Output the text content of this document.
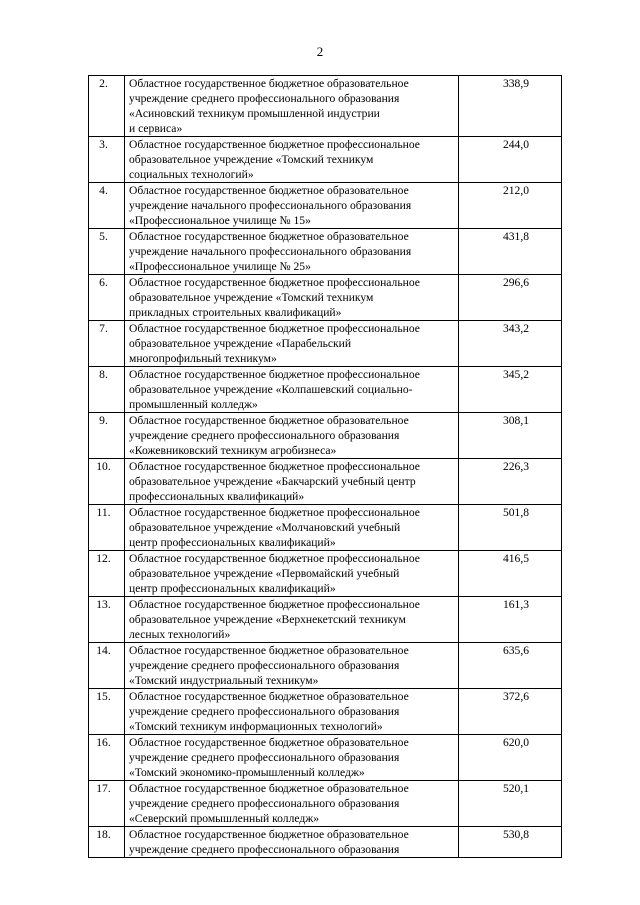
2
2.	Областное государственное бюджетное образовательное
учреждение среднего профессионального образования
«Асиновский техникум промышленной индустрии
и сервиса»	338,9
3.	Областное государственное бюджетное профессиональное
образовательное учреждение «Томский техникум
социальных технологий»	244,0
4.	Областное государственное бюджетное образовательное
учреждение начального профессионального образования
«Профессиональное училище № 15»	212,0
5.	Областное государственное бюджетное образовательное
учреждение начального профессионального образования
«Профессиональное училище № 25»	431,8
6.	Областное государственное бюджетное профессиональное
образовательное учреждение «Томский техникум
прикладных строительных квалификаций»	296,6
7.	Областное государственное бюджетное профессиональное
образовательное учреждение «Парабельский
многопрофильный техникум»	343,2
8.	Областное государственное бюджетное профессиональное
образовательное учреждение «Колпашевский социально-
промышленный колледж»	345,2
9.	Областное государственное бюджетное образовательное
учреждение среднего профессионального образования
«Кожевниковский техникум агробизнеса»	308,1
10.	Областное государственное бюджетное профессиональное
образовательное учреждение «Бакчарский учебный центр
профессиональных квалификаций»	226,3
11.	Областное государственное бюджетное профессиональное
образовательное учреждение «Молчановский учебный
центр профессиональных квалификаций»	501,8
12.	Областное государственное бюджетное профессиональное
образовательное учреждение «Первомайский учебный
центр профессиональных квалификаций»	416,5
13.	Областное государственное бюджетное профессиональное
образовательное учреждение «Верхнекетский техникум
лесных технологий»	161,3
14.	Областное государственное бюджетное образовательное
учреждение среднего профессионального образования
«Томский индустриальный техникум»	635,6
15.	Областное государственное бюджетное образовательное
учреждение среднего профессионального образования
«Томский техникум информационных технологий»	372,6
16.	Областное государственное бюджетное образовательное
учреждение среднего профессионального образования
«Томский экономико-промышленный колледж»	620,0
17.	Областное государственное бюджетное образовательное
учреждение среднего профессионального образования
«Северский промышленный колледж»	520,1
18.	Областное государственное бюджетное образовательное
учреждение среднего профессионального образования	530,8
